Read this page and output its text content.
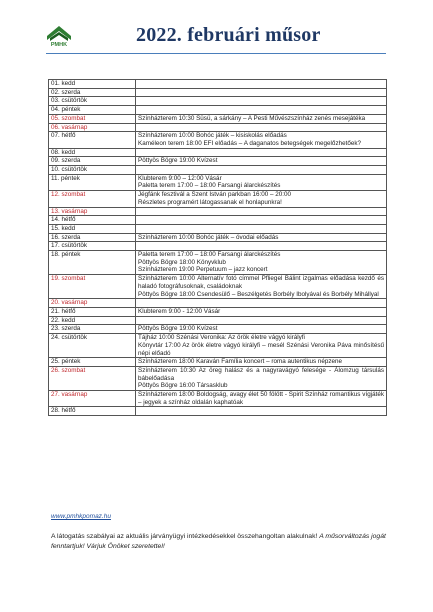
PMHK	2022. februári műsor
01. kedd	
02. szerda	
03. csütörtök	
04. péntek	
05. szombat	Színházterem 10:30 Süsü, a sárkány – A Pesti Művészszínház zenés mesejátéka

06. vasárnap	
07. hétfő	Színházterem 10:00 Bohóc játék – kisiskolás előadás
Kaméleon terem 18:00 EFI előadás – A daganatos betegségek megelőzhetőek?

08. kedd	
09. szerda	Pöttyös Bögre 19:00 Kvízest

10. csütörtök	
11. péntek	Klubterem 9:00 – 12:00 Vásár
Paletta terem 17:00 – 18:00 Farsangi álarckészítés

12. szombat	Jégfánk fesztivál a Szent István parkban 16:00 – 20:00
Részletes programért látogassanak el honlapunkra!

13. vasárnap	
14. hétfő	
15. kedd	
16. szerda	Színházterem 10:00 Bohóc játék – óvodai előadás

17. csütörtök	
18. péntek	Paletta terem 17:00 – 18:00 Farsangi álarckészítés
Pöttyös Bögre 18:00 Könyvklub
Színházterem 19:00 Perpetuum – jazz koncert

19. szombat	Színházterem 10:00 Alternatív fotó címmel Pfliegel Bálint izgalmas előadása kezdő és haladó fotográfusoknak, családoknak
Pöttyös Bögre 18:00 Csendesülő – Beszélgetés Borbély Ibolyával és Borbély Mihállyal

20. vasárnap	
21. hétfő	Klubterem 9:00 - 12:00 Vásár

22. kedd	
23. szerda	Pöttyös Bögre 19:00 Kvízest

24. csütörtök	Tájház 10:00 Szénási Veronika: Az örök életre vágyó királyfi
Könyvtár 17:00 Az örök életre vágyó királyfi – mesél Szénási Veronika Páva minősítésű népi előadó

25. péntek	Színházterem 18:00 Karaván Família koncert – roma autentikus népzene

26. szombat	Színházterem 10:30 Az öreg halász és a nagyravágyó felesége - Álomzug társulás bábelőadása
Pöttyös Bögre 16:00 Társasklub

27. vasárnap	Színházterem 18:00 Boldogság, avagy élet 50 fölött - Spirit Színház romantikus vígjáték – jegyek a színház oldalán kaphatóak

28. hétfő	
www.pmhkpomaz.hu
A látogatás szabályai az aktuális járványügyi intézkedésekkel összehangoltan alakulnak! A műsorváltozás jogát fenntartjuk! Várjuk Önöket szeretettel!
